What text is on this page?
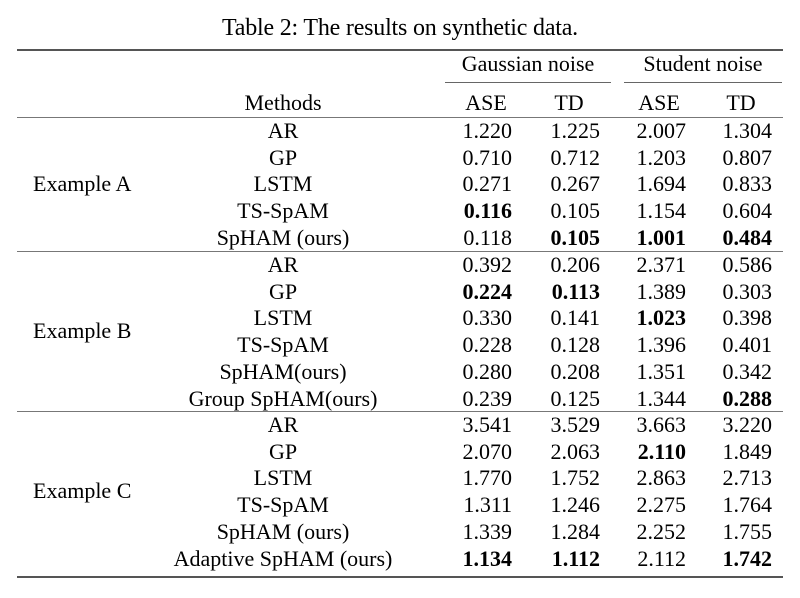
Table 2: The results on synthetic data.
Gaussian noise	Student noise
Methods	ASE	TD	ASE	TD
Example A
AR	1.220	1.225	2.007	1.304
GP	0.710	0.712	1.203	0.807
LSTM	0.271	0.267	1.694	0.833
TS-SpAM	0.116	0.105	1.154	0.604
SpHAM (ours)	0.118	0.105	1.001	0.484
Example B
AR	0.392	0.206	2.371	0.586
GP	0.224	0.113	1.389	0.303
LSTM	0.330	0.141	1.023	0.398
TS-SpAM	0.228	0.128	1.396	0.401
SpHAM(ours)	0.280	0.208	1.351	0.342
Group SpHAM(ours)	0.239	0.125	1.344	0.288
Example C
AR	3.541	3.529	3.663	3.220
GP	2.070	2.063	2.110	1.849
LSTM	1.770	1.752	2.863	2.713
TS-SpAM	1.311	1.246	2.275	1.764
SpHAM (ours)	1.339	1.284	2.252	1.755
Adaptive SpHAM (ours)	1.134	1.112	2.112	1.742
